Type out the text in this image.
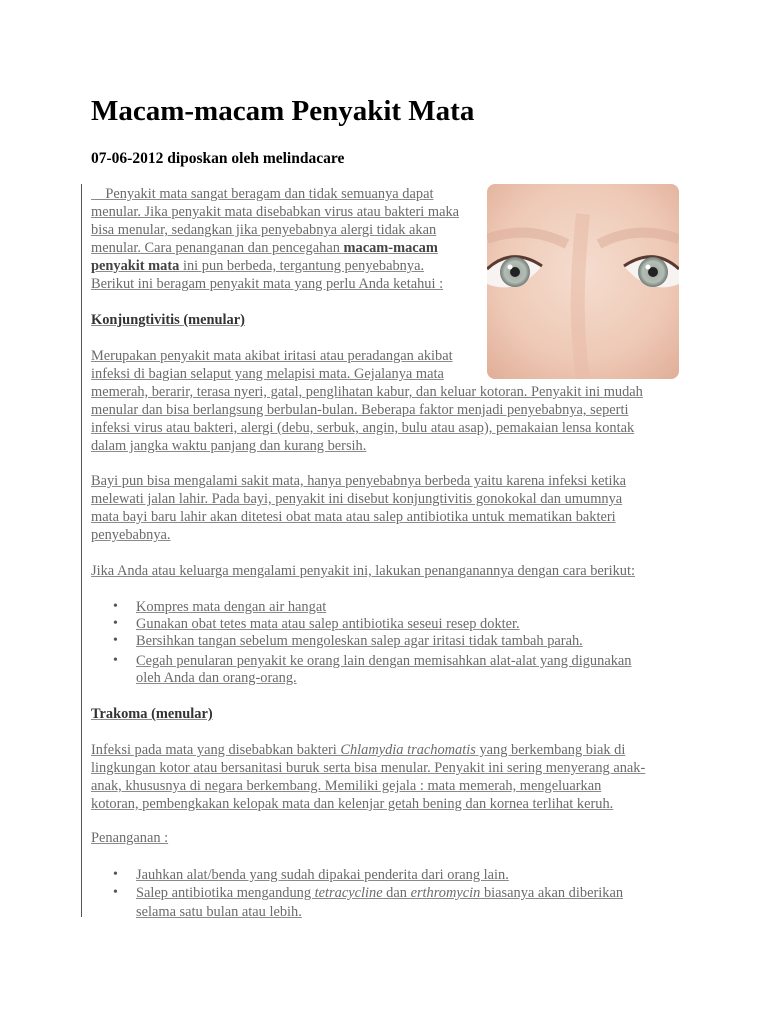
Macam-macam Penyakit Mata

07-06-2012 diposkan oleh melindacare

Penyakit mata sangat beragam dan tidak semuanya dapat
menular. Jika penyakit mata disebabkan virus atau bakteri maka
bisa menular, sedangkan jika penyebabnya alergi tidak akan
menular. Cara penanganan dan pencegahan macam-macam
penyakit mata ini pun berbeda, tergantung penyebabnya.
Berikut ini beragam penyakit mata yang perlu Anda ketahui :
Konjungtivitis (menular)
Merupakan penyakit mata akibat iritasi atau peradangan akibat
infeksi di bagian selaput yang melapisi mata. Gejalanya mata
memerah, berarir, terasa nyeri, gatal, penglihatan kabur, dan keluar kotoran. Penyakit ini mudah
menular dan bisa berlangsung berbulan-bulan. Beberapa faktor menjadi penyebabnya, seperti
infeksi virus atau bakteri, alergi (debu, serbuk, angin, bulu atau asap), pemakaian lensa kontak
dalam jangka waktu panjang dan kurang bersih.
Bayi pun bisa mengalami sakit mata, hanya penyebabnya berbeda yaitu karena infeksi ketika
melewati jalan lahir. Pada bayi, penyakit ini disebut konjungtivitis gonokokal dan umumnya
mata bayi baru lahir akan ditetesi obat mata atau salep antibiotika untuk mematikan bakteri
penyebabnya.
Jika Anda atau keluarga mengalami penyakit ini, lakukan penanganannya dengan cara berikut:
• Kompres mata dengan air hangat
• Gunakan obat tetes mata atau salep antibiotika seseui resep dokter.
• Bersihkan tangan sebelum mengoleskan salep agar iritasi tidak tambah parah.
• Cegah penularan penyakit ke orang lain dengan memisahkan alat-alat yang digunakan
oleh Anda dan orang-orang.
Trakoma (menular)
Infeksi pada mata yang disebabkan bakteri Chlamydia trachomatis yang berkembang biak di
lingkungan kotor atau bersanitasi buruk serta bisa menular. Penyakit ini sering menyerang anak-
anak, khususnya di negara berkembang. Memiliki gejala : mata memerah, mengeluarkan
kotoran, pembengkakan kelopak mata dan kelenjar getah bening dan kornea terlihat keruh.
Penanganan :
• Jauhkan alat/benda yang sudah dipakai penderita dari orang lain.
• Salep antibiotika mengandung tetracycline dan erthromycin biasanya akan diberikan
selama satu bulan atau lebih.
